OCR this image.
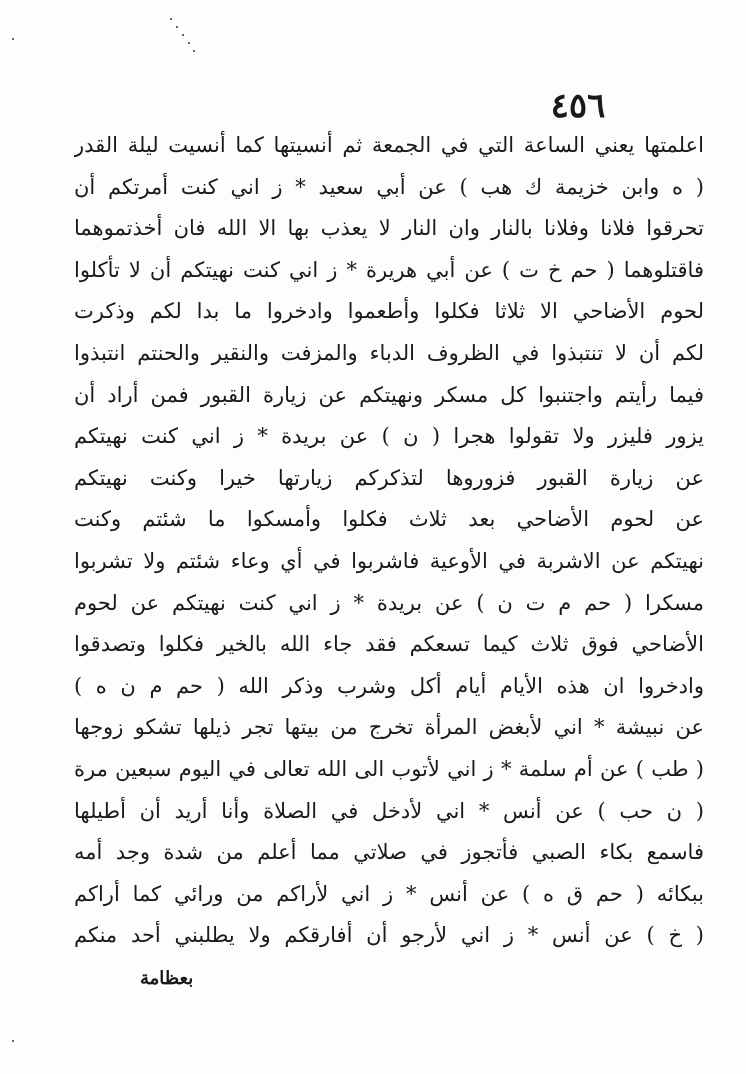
٤٥٦
اعلمتها يعني الساعة التي في الجمعة ثم أنسيتها كما أنسيت ليلة القدر
( ه وابن خزيمة ك هب ) عن أبي سعيد * ز اني كنت أمرتكم أن
تحرقوا فلانا وفلانا بالنار وان النار لا يعذب بها الا الله فان أخذتموهما
فاقتلوهما ( حم خ ت ) عن أبي هريرة * ز اني كنت نهيتكم أن لا تأكلوا
لحوم الأضاحي الا ثلاثا فكلوا وأطعموا وادخروا ما بدا لكم وذكرت
لكم أن لا تنتبذوا في الظروف الدباء والمزفت والنقير والحنتم انتبذوا
فيما رأيتم واجتنبوا كل مسكر ونهيتكم عن زيارة القبور فمن أراد أن
يزور فليزر ولا تقولوا هجرا ( ن ) عن بريدة * ز اني كنت نهيتكم
عن زيارة القبور فزوروها لتذكركم زيارتها خيرا وكنت نهيتكم
عن لحوم الأضاحي بعد ثلاث فكلوا وأمسكوا ما شئتم وكنت
نهيتكم عن الاشربة في الأوعية فاشربوا في أي وعاء شئتم ولا تشربوا
مسكرا ( حم م ت ن ) عن بريدة * ز اني كنت نهيتكم عن لحوم
الأضاحي فوق ثلاث كيما تسعكم فقد جاء الله بالخير فكلوا وتصدقوا
وادخروا ان هذه الأيام أيام أكل وشرب وذكر الله ( حم م ن ه )
عن نبيشة * اني لأبغض المرأة تخرج من بيتها تجر ذيلها تشكو زوجها
( طب ) عن أم سلمة * ز اني لأتوب الى الله تعالى في اليوم سبعين مرة
( ن حب ) عن أنس * اني لأدخل في الصلاة وأنا أريد أن أطيلها
فاسمع بكاء الصبي فأتجوز في صلاتي مما أعلم من شدة وجد أمه
ببكائه ( حم ق ه ) عن أنس * ز اني لأراكم من ورائي كما أراكم
( خ ) عن أنس * ز اني لأرجو أن أفارقكم ولا يطلبني أحد منكم
بعظامة
